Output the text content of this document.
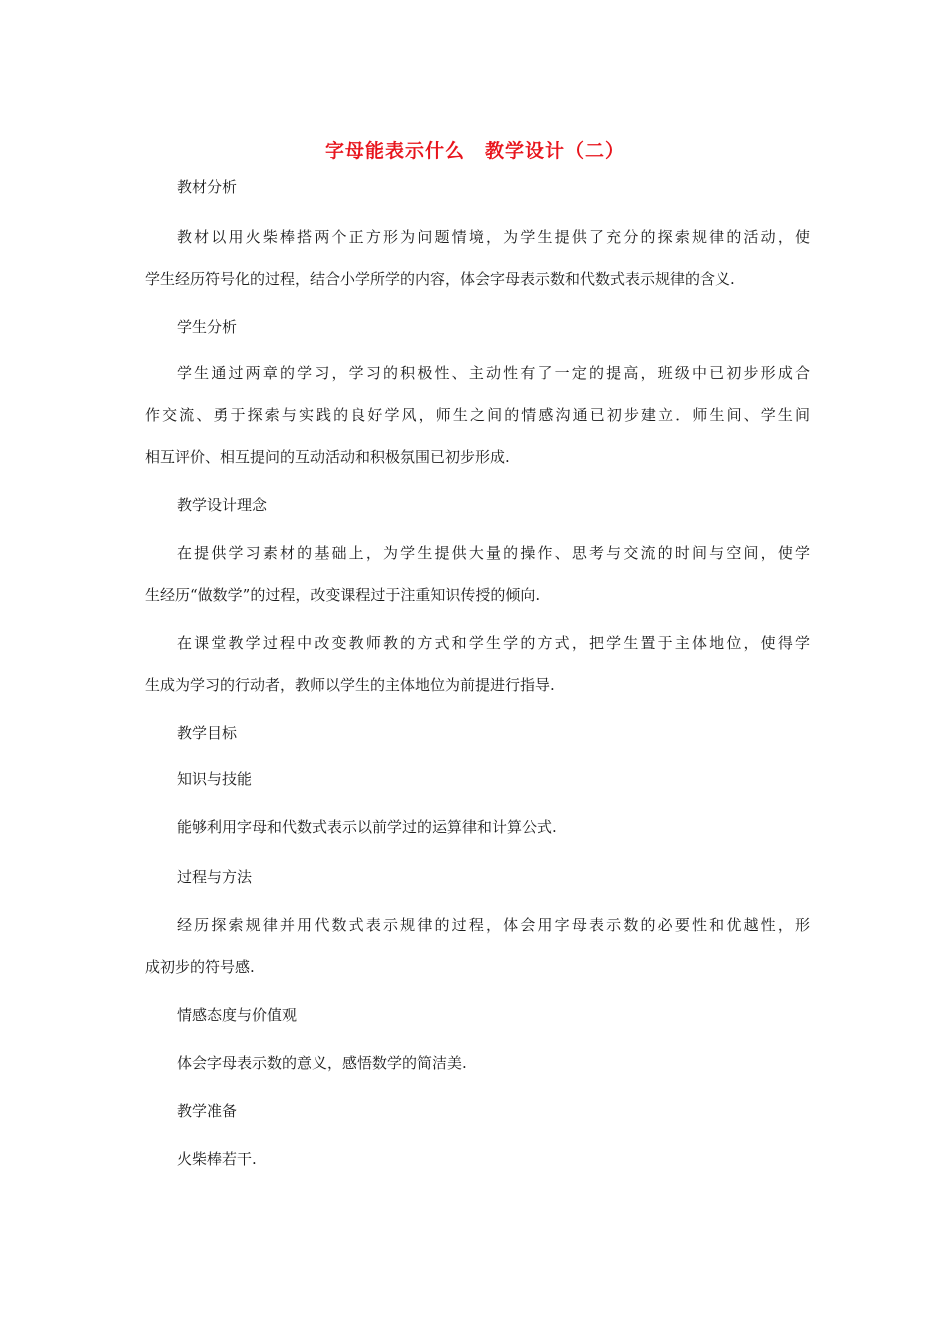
字母能表示什么　教学设计（二）

教材分析

教材以用火柴棒搭两个正方形为问题情境，为学生提供了充分的探索规律的活动，使

学生经历符号化的过程，结合小学所学的内容，体会字母表示数和代数式表示规律的含义.

学生分析

学生通过两章的学习，学习的积极性、主动性有了一定的提高，班级中已初步形成合

作交流、勇于探索与实践的良好学风，师生之间的情感沟通已初步建立．师生间、学生间

相互评价、相互提问的互动活动和积极氛围已初步形成.

教学设计理念

在提供学习素材的基础上，为学生提供大量的操作、思考与交流的时间与空间，使学

生经历“做数学”的过程，改变课程过于注重知识传授的倾向.

在课堂教学过程中改变教师教的方式和学生学的方式，把学生置于主体地位，使得学

生成为学习的行动者，教师以学生的主体地位为前提进行指导.

教学目标

知识与技能

能够利用字母和代数式表示以前学过的运算律和计算公式.

过程与方法

经历探索规律并用代数式表示规律的过程，体会用字母表示数的必要性和优越性，形

成初步的符号感.

情感态度与价值观

体会字母表示数的意义，感悟数学的简洁美.

教学准备

火柴棒若干.
